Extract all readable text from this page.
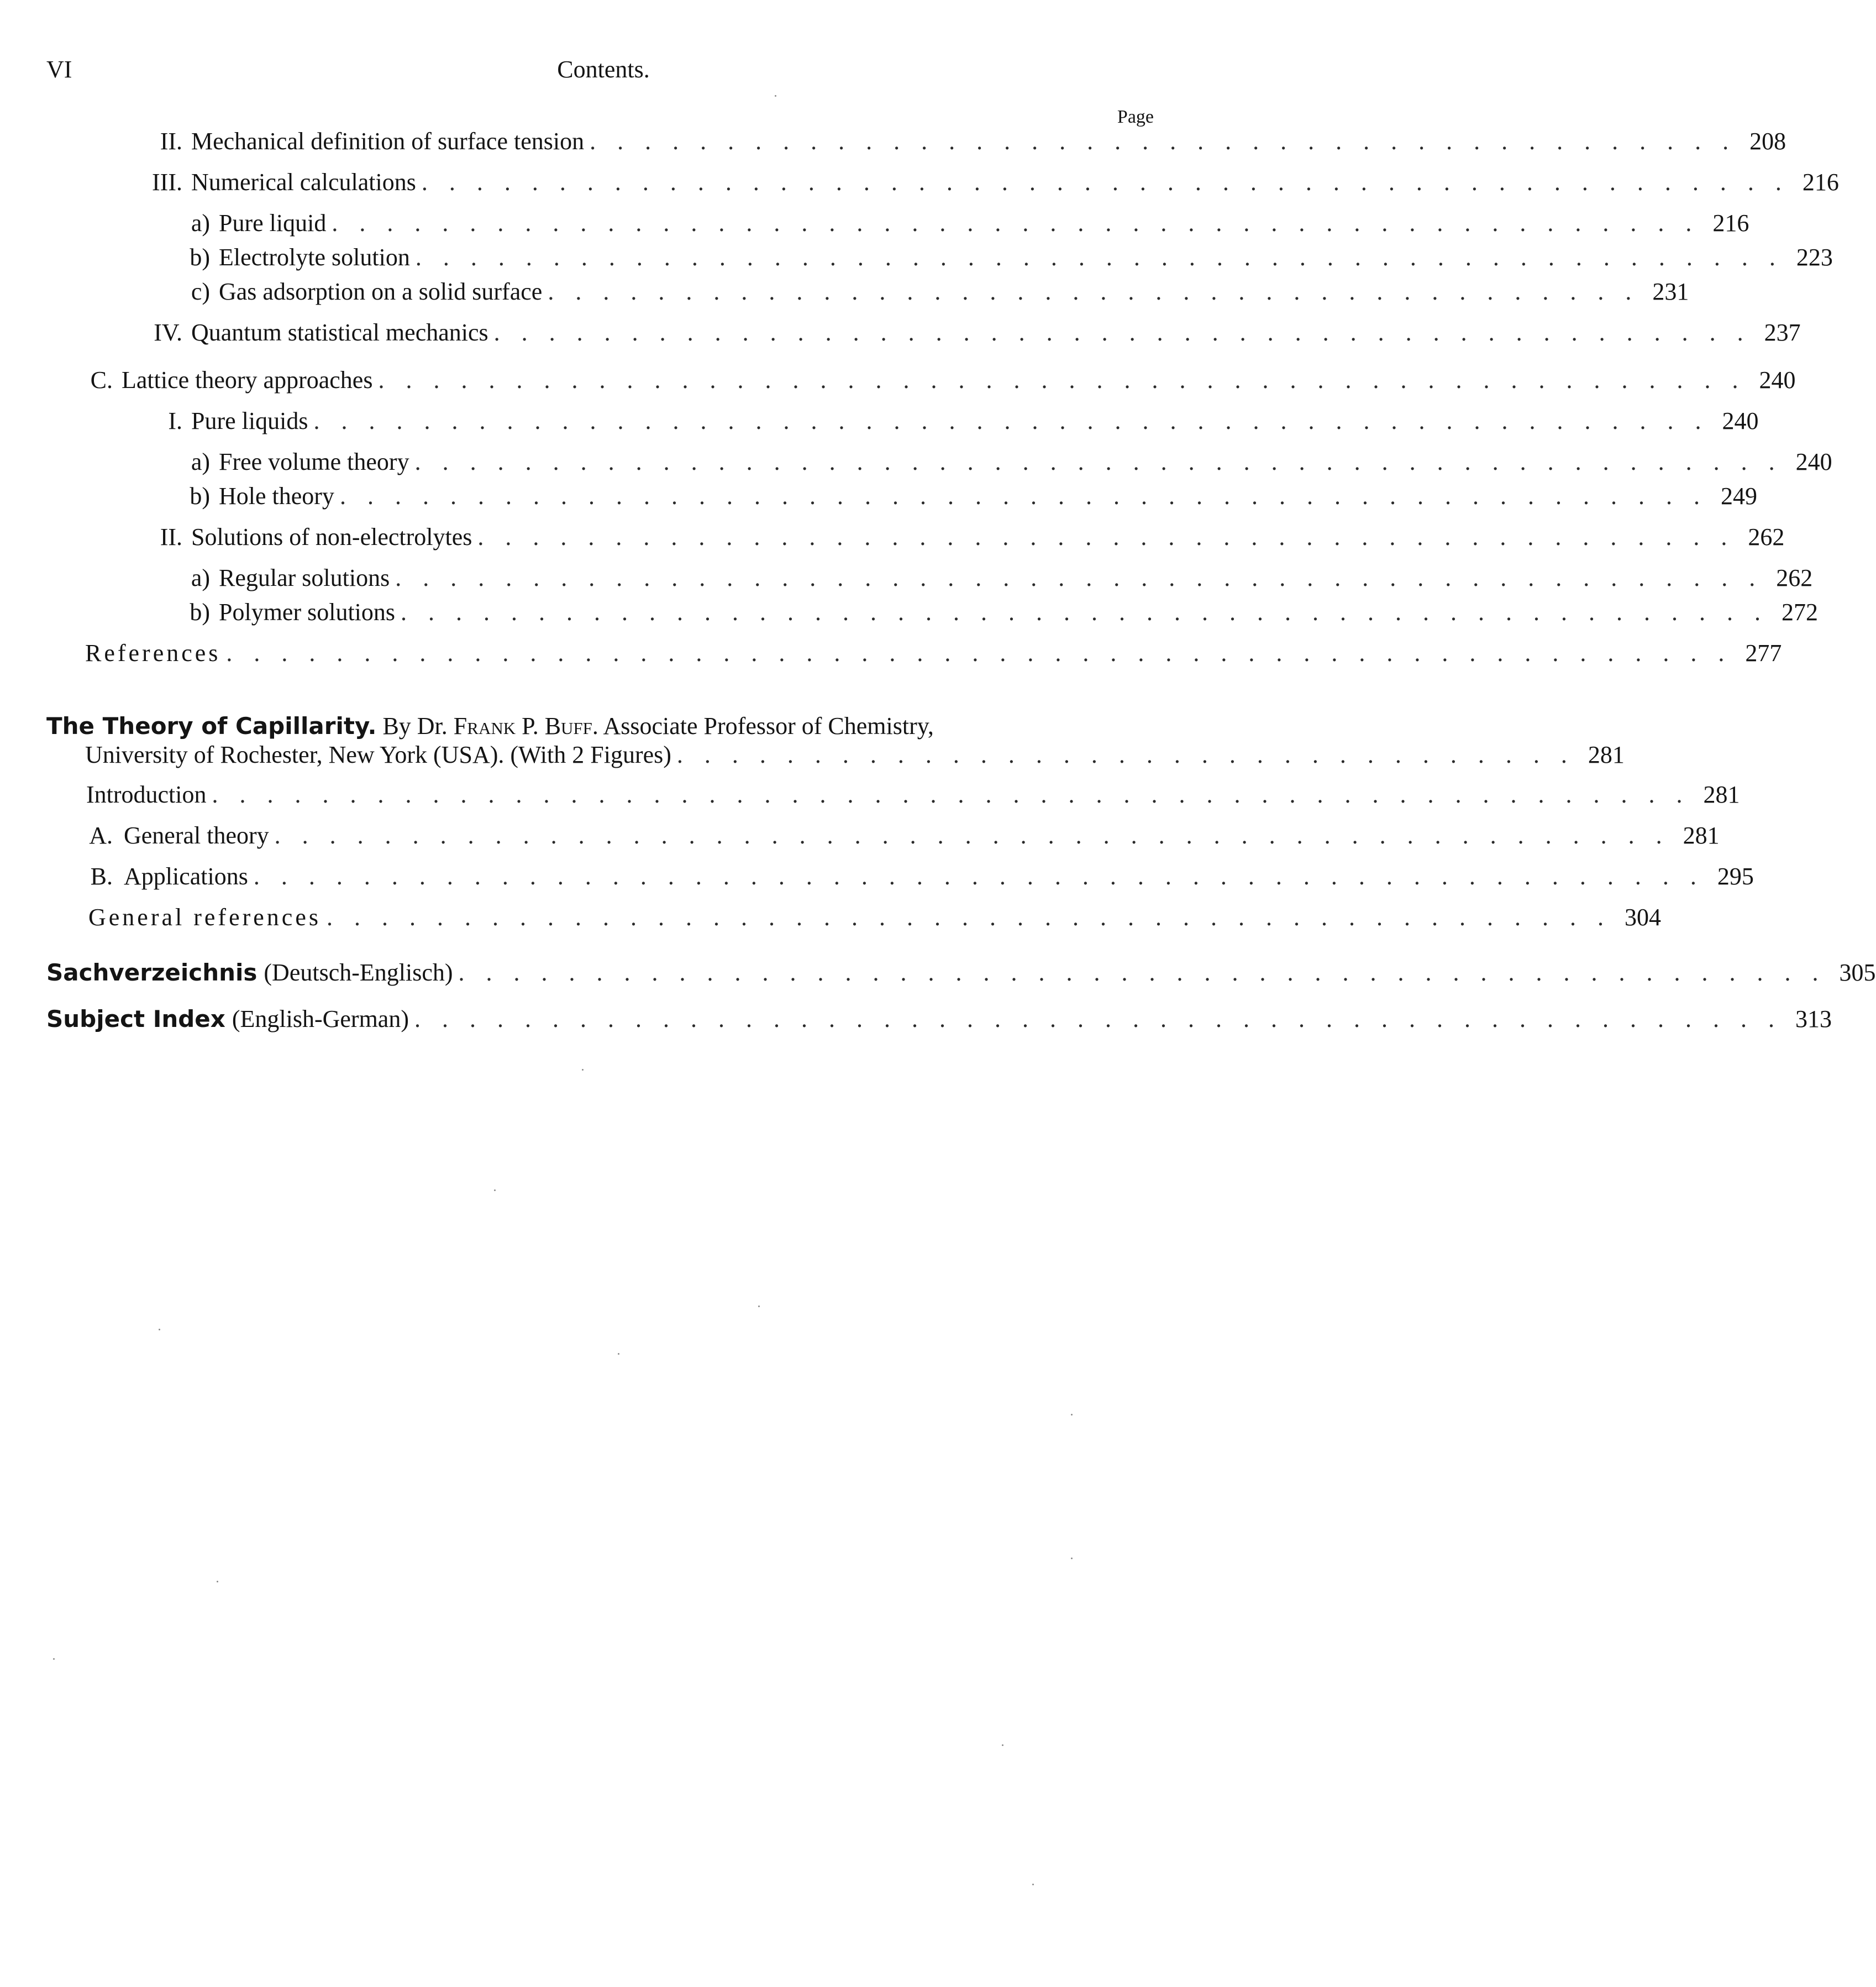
VI	Contents.
Page
II. Mechanical definition of surface tension . . . . . . . . . . . . . . . . . . . . . . . . . . . . . . . . . . . . . . . . . . 208
III. Numerical calculations . . . . . . . . . . . . . . . . . . . . . . . . . . . . . . . . . . . . . . . . . . . . . . . . . . 216
a) Pure liquid . . . . . . . . . . . . . . . . . . . . . . . . . . . . . . . . . . . . . . . . . . . . . . . . . . 216
b) Electrolyte solution . . . . . . . . . . . . . . . . . . . . . . . . . . . . . . . . . . . . . . . . . . . . . . . . . . 223
c) Gas adsorption on a solid surface . . . . . . . . . . . . . . . . . . . . . . . . . . . . . . . . . . . . . . . . 231
IV. Quantum statistical mechanics . . . . . . . . . . . . . . . . . . . . . . . . . . . . . . . . . . . . . . . . . . . . . . 237
C. Lattice theory approaches . . . . . . . . . . . . . . . . . . . . . . . . . . . . . . . . . . . . . . . . . . . . . . . . . . 240
I. Pure liquids . . . . . . . . . . . . . . . . . . . . . . . . . . . . . . . . . . . . . . . . . . . . . . . . . . . 240
a) Free volume theory . . . . . . . . . . . . . . . . . . . . . . . . . . . . . . . . . . . . . . . . . . . . . . . . . . 240
b) Hole theory . . . . . . . . . . . . . . . . . . . . . . . . . . . . . . . . . . . . . . . . . . . . . . . . . . 249
II. Solutions of non-electrolytes . . . . . . . . . . . . . . . . . . . . . . . . . . . . . . . . . . . . . . . . . . . . . . 262
a) Regular solutions . . . . . . . . . . . . . . . . . . . . . . . . . . . . . . . . . . . . . . . . . . . . . . . . . . 262
b) Polymer solutions . . . . . . . . . . . . . . . . . . . . . . . . . . . . . . . . . . . . . . . . . . . . . . . . . . 272
References . . . . . . . . . . . . . . . . . . . . . . . . . . . . . . . . . . . . . . . . . . . . . . . . . . . . . . . 277
The Theory of Capillarity. By Dr. Frank P. Buff. Associate Professor of Chemistry,
University of Rochester, New York (USA). (With 2 Figures) . . . . . . . . . . . . . . . . . . . . . . . . . . . . . . . . . 281
Introduction . . . . . . . . . . . . . . . . . . . . . . . . . . . . . . . . . . . . . . . . . . . . . . . . . . . . . . 281
A. General theory . . . . . . . . . . . . . . . . . . . . . . . . . . . . . . . . . . . . . . . . . . . . . . . . . . . 281
B. Applications . . . . . . . . . . . . . . . . . . . . . . . . . . . . . . . . . . . . . . . . . . . . . . . . . . . . . 295
General references . . . . . . . . . . . . . . . . . . . . . . . . . . . . . . . . . . . . . . . . . . . . . . . 304
Sachverzeichnis (Deutsch-Englisch) . . . . . . . . . . . . . . . . . . . . . . . . . . . . . . . . . . . . . . . . . . . . . . . . . . 305
Subject Index (English-German) . . . . . . . . . . . . . . . . . . . . . . . . . . . . . . . . . . . . . . . . . . . . . . . . . . 313
